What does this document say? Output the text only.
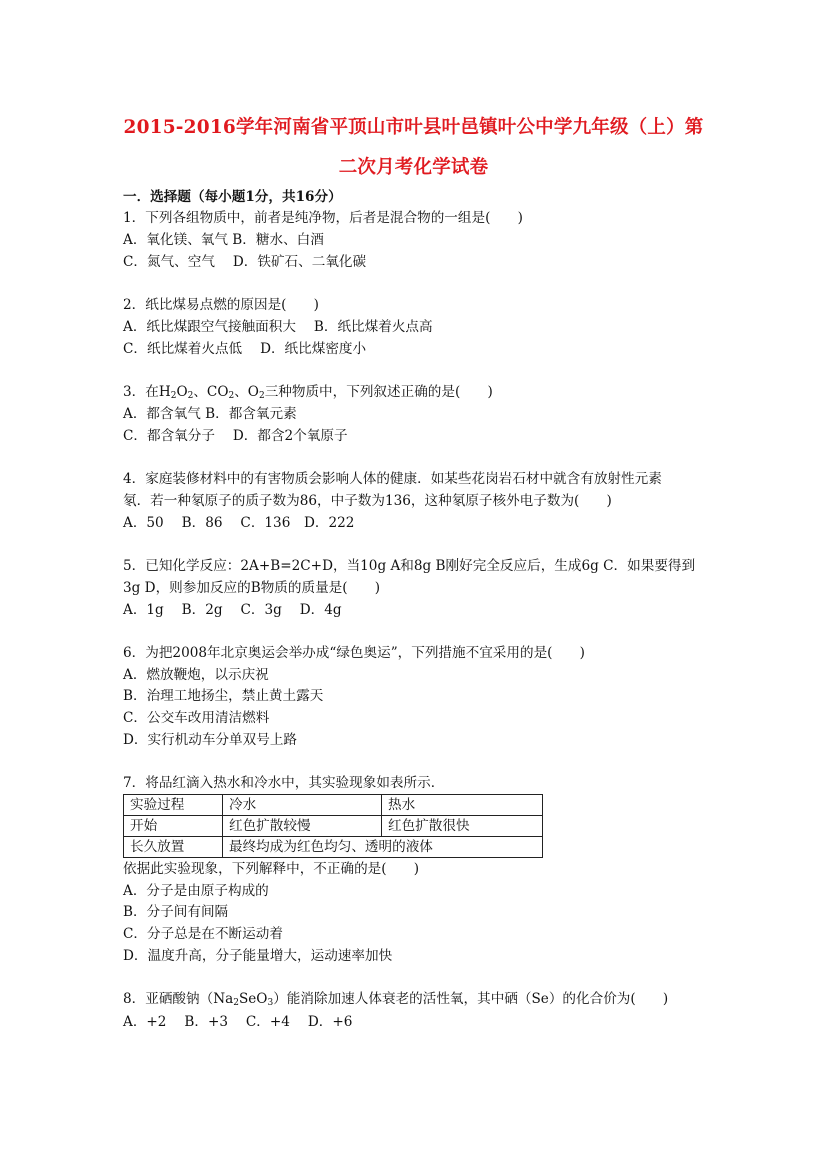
2015-2016学年河南省平顶山市叶县叶邑镇叶公中学九年级（上）第
二次月考化学试卷
一．选择题（每小题1分，共16分）
1．下列各组物质中，前者是纯净物，后者是混合物的一组是(　　)
A．氧化镁、氧气 B．糖水、白酒
C．氮气、空气　 D．铁矿石、二氧化碳
2．纸比煤易点燃的原因是(　　)
A．纸比煤跟空气接触面积大　 B．纸比煤着火点高
C．纸比煤着火点低　 D．纸比煤密度小
3．在$H_2O_2$、$CO_2$、$O_2$三种物质中，下列叙述正确的是(　　)
A．都含氧气 B．都含氧元素
C．都含氧分子　 D．都含2个氧原子
4．家庭装修材料中的有害物质会影响人体的健康．如某些花岗岩石材中就含有放射性元素
氡．若一种氡原子的质子数为86，中子数为136，这种氡原子核外电子数为(　　)
A．50　 B．86　 C．136　D．222
5．已知化学反应：2A+B=2C+D，当10g A和8g B刚好完全反应后，生成6g C．如果要得到
3g D，则参加反应的B物质的质量是(　　)
A．1g　 B．2g　 C．3g　 D．4g
6．为把2008年北京奥运会举办成“绿色奥运”，下列措施不宜采用的是(　　)
A．燃放鞭炮，以示庆祝
B．治理工地扬尘，禁止黄土露天
C．公交车改用清洁燃料
D．实行机动车分单双号上路
7．将品红滴入热水和冷水中，其实验现象如表所示．
实验过程	冷水	热水
开始	红色扩散较慢	红色扩散很快
长久放置	最终均成为红色均匀、透明的液体	
依据此实验现象，下列解释中，不正确的是(　　)
A．分子是由原子构成的
B．分子间有间隔
C．分子总是在不断运动着
D．温度升高，分子能量增大，运动速率加快
8．亚硒酸钠$(Na_2SeO_3)$能消除加速人体衰老的活性氧，其中硒（Se）的化合价为(　　)
A．+2　 B．+3　 C．+4　 D．+6
